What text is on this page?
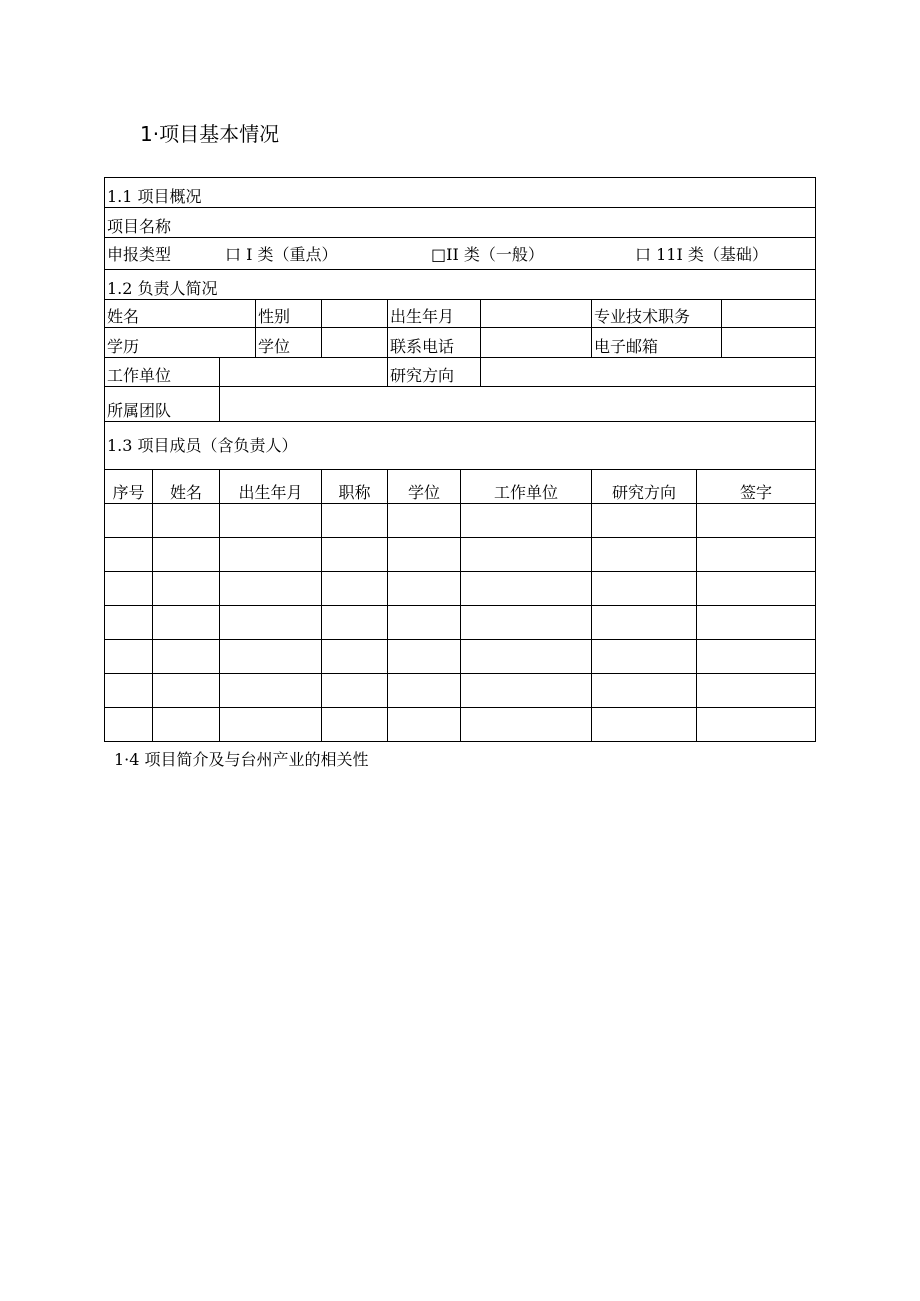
1·项目基本情况
1.1 项目概况										
项目名称										

申报类型 口 I 类（重点） □II 类（一般） 口 11I 类（基础）										

1.2 负责人简况										
姓名			性别		出生年月			专业技术职务		
学历			学位		联系电话			电子邮箱		
工作单位					研究方向					
所属团队										
1.3 项目成员（含负责人）										
序号	姓名	出生年月		职称	学位	工作单位		研究方向	签字	

1·4 项目简介及与台州产业的相关性
